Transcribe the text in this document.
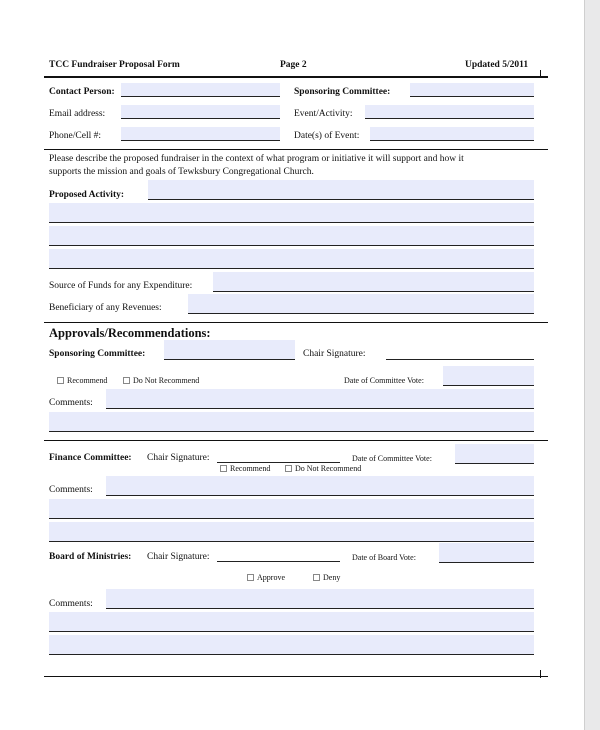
TCC Fundraiser Proposal Form	Page 2	Updated 5/2011
Contact Person:	Sponsoring Committee:
Email address:	Event/Activity:
Phone/Cell #:	Date(s) of Event:
Please describe the proposed fundraiser in the context of what program or initiative it will support and how it
supports the mission and goals of Tewksbury Congregational Church.
Proposed Activity:
Source of Funds for any Expenditure:
Beneficiary of any Revenues:
Approvals/Recommendations:
Sponsoring Committee:	Chair Signature:
Recommend	Do Not Recommend	Date of Committee Vote:
Comments:
Finance Committee: Chair Signature:	Date of Committee Vote:
Recommend	Do Not Recommend
Comments:
Board of Ministries: Chair Signature:	Date of Board Vote:
Approve	Deny
Comments:
